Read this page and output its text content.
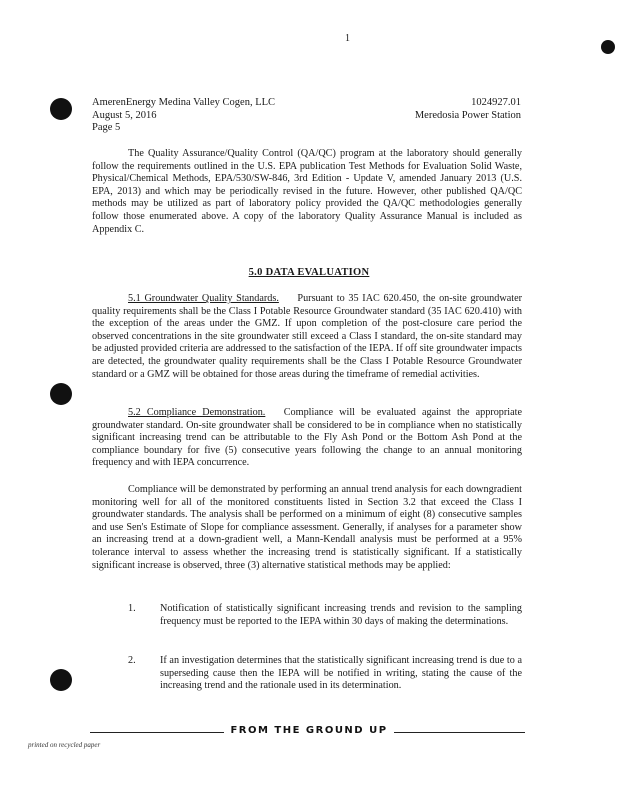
1
AmerenEnergy Medina Valley Cogen, LLC
August 5, 2016
Page 5
1024927.01
Meredosia Power Station

The Quality Assurance/Quality Control (QA/QC) program at the laboratory should generally follow the requirements outlined in the U.S. EPA publication Test Methods for Evaluation Solid Waste, Physical/Chemical Methods, EPA/530/SW-846, 3rd Edition - Update V, amended January 2013 (U.S. EPA, 2013) and which may be periodically revised in the future. However, other published QA/QC methods may be utilized as part of laboratory policy provided the QA/QC methodologies generally follow those enumerated above. A copy of the laboratory Quality Assurance Manual is included as Appendix C.

5.0 DATA EVALUATION

5.1 Groundwater Quality Standards. Pursuant to 35 IAC 620.450, the on-site groundwater quality requirements shall be the Class I Potable Resource Groundwater standard (35 IAC 620.410) with the exception of the areas under the GMZ. If upon completion of the post-closure care period the observed concentrations in the site groundwater still exceed a Class I standard, the on-site standard may be adjusted provided criteria are addressed to the satisfaction of the IEPA. If off site groundwater impacts are detected, the groundwater quality requirements shall be the Class I Potable Resource Groundwater standard or a GMZ will be obtained for those areas during the timeframe of remedial activities.

5.2 Compliance Demonstration. Compliance will be evaluated against the appropriate groundwater standard. On-site groundwater shall be considered to be in compliance when no statistically significant increasing trend can be attributable to the Fly Ash Pond or the Bottom Ash Pond at the compliance boundary for five (5) consecutive years following the change to an annual monitoring frequency and with IEPA concurrence.

Compliance will be demonstrated by performing an annual trend analysis for each downgradient monitoring well for all of the monitored constituents listed in Section 3.2 that exceed the Class I groundwater standards. The analysis shall be performed on a minimum of eight (8) consecutive samples and use Sen's Estimate of Slope for compliance assessment. Generally, if analyses for a parameter show an increasing trend at a down-gradient well, a Mann-Kendall analysis must be performed at a 95% tolerance interval to assess whether the increasing trend is statistically significant. If a statistically significant increase is observed, three (3) alternative statistical methods may be applied:

1. Notification of statistically significant increasing trends and revision to the sampling frequency must be reported to the IEPA within 30 days of making the determinations.
2. If an investigation determines that the statistically significant increasing trend is due to a superseding cause then the IEPA will be notified in writing, stating the cause of the increasing trend and the rationale used in its determination.
FROM THE GROUND UP
printed on recycled paper
